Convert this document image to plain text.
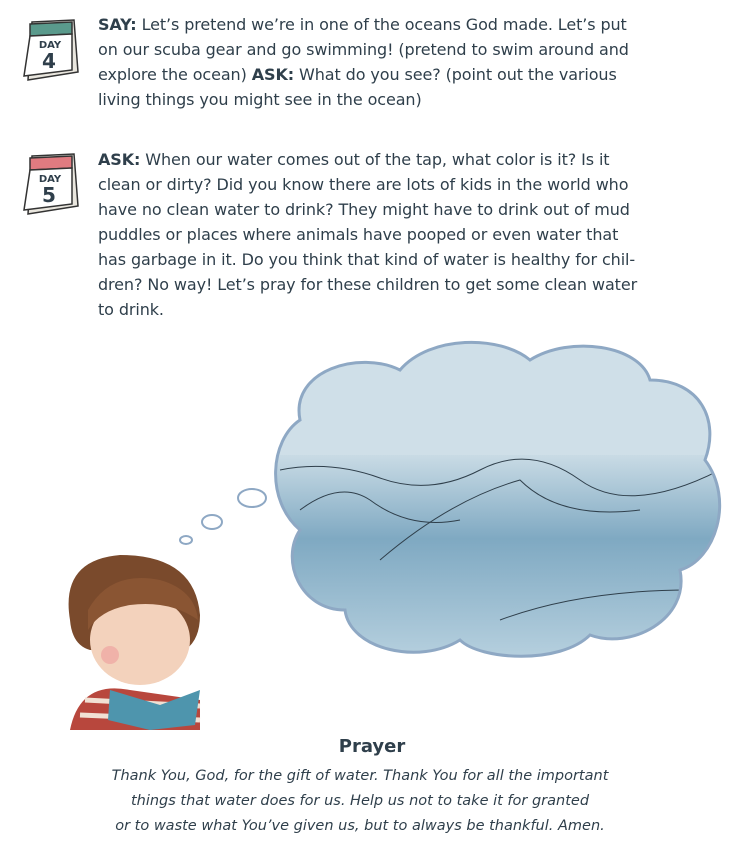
DAY
4
SAY: Let’s pretend we’re in one of the oceans God made. Let’s put
on our scuba gear and go swimming! (pretend to swim around and
explore the ocean) ASK: What do you see? (point out the various
living things you might see in the ocean)
DAY
5
ASK: When our water comes out of the tap, what color is it? Is it
clean or dirty? Did you know there are lots of kids in the world who
have no clean water to drink? They might have to drink out of mud
puddles or places where animals have pooped or even water that
has garbage in it. Do you think that kind of water is healthy for chil-
dren? No way! Let’s pray for these children to get some clean water
to drink.
Prayer
Thank You, God, for the gift of water. Thank You for all the important
things that water does for us. Help us not to take it for granted
or to waste what You’ve given us, but to always be thankful. Amen.
